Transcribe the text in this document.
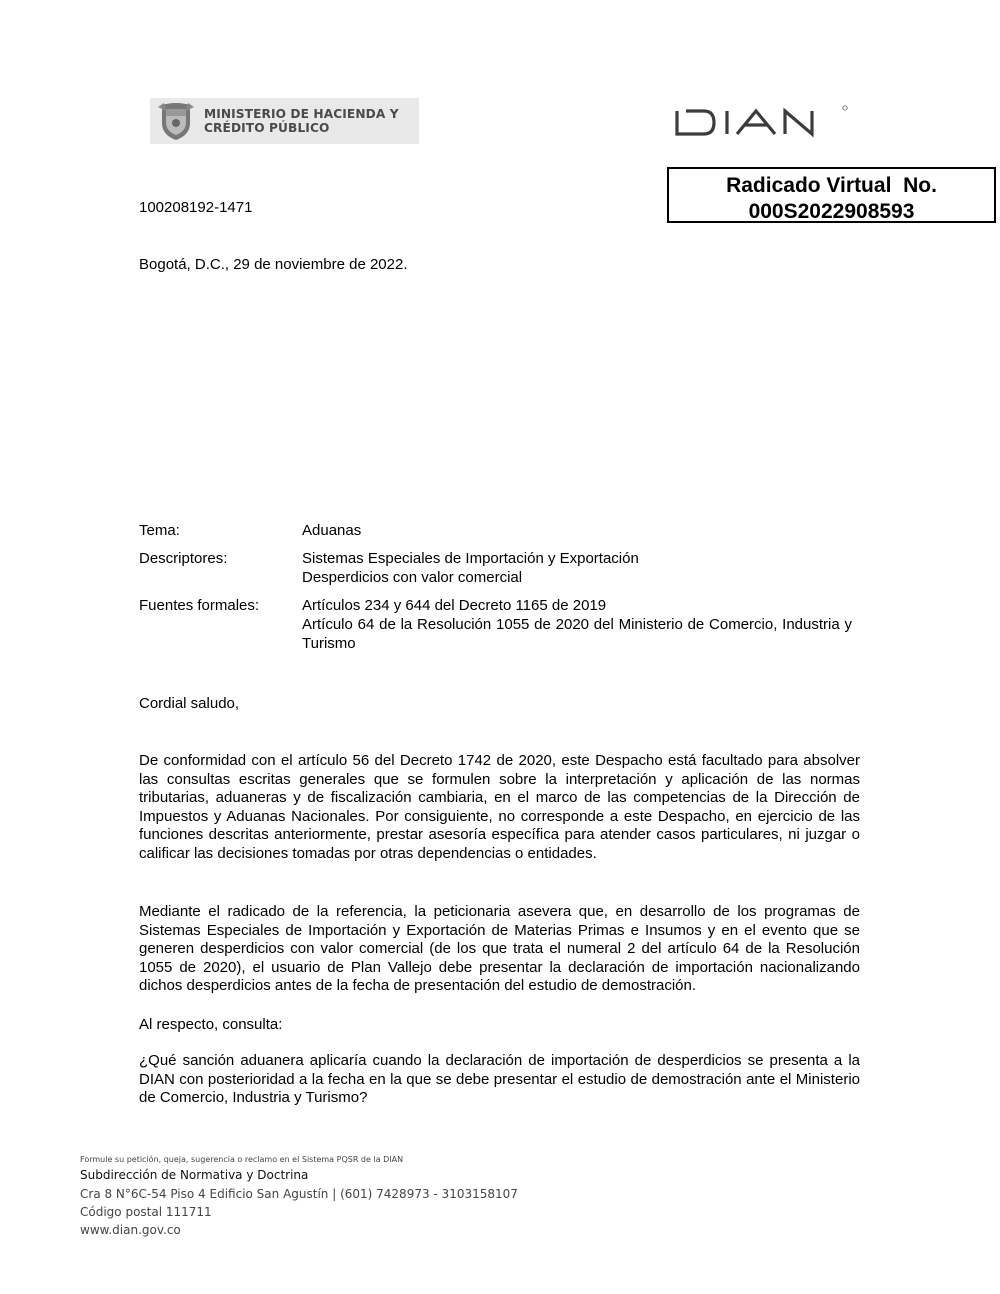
MINISTERIO DE HACIENDA Y
CRÉDITO PÚBLICO
Radicado Virtual  No.
000S2022908593
100208192-1471
Bogotá, D.C., 29 de noviembre de 2022.
Tema:	Aduanas
Descriptores:	Sistemas Especiales de Importación y Exportación
Desperdicios con valor comercial
Fuentes formales:	Artículos 234 y 644 del Decreto 1165 de 2019
Artículo 64 de la Resolución 1055 de 2020 del Ministerio de Comercio, Industria y Turismo
Cordial saludo,
De conformidad con el artículo 56 del Decreto 1742 de 2020, este Despacho está facultado para absolver las consultas escritas generales que se formulen sobre la interpretación y aplicación de las normas tributarias, aduaneras y de fiscalización cambiaria, en el marco de las competencias de la Dirección de Impuestos y Aduanas Nacionales. Por consiguiente, no corresponde a este Despacho, en ejercicio de las funciones descritas anteriormente, prestar asesoría específica para atender casos particulares, ni juzgar o calificar las decisiones tomadas por otras dependencias o entidades.
Mediante el radicado de la referencia, la peticionaria asevera que, en desarrollo de los programas de Sistemas Especiales de Importación y Exportación de Materias Primas e Insumos y en el evento que se generen desperdicios con valor comercial (de los que trata el numeral 2 del artículo 64 de la Resolución 1055 de 2020), el usuario de Plan Vallejo debe presentar la declaración de importación nacionalizando dichos desperdicios antes de la fecha de presentación del estudio de demostración.
Al respecto, consulta:
¿Qué sanción aduanera aplicaría cuando la declaración de importación de desperdicios se presenta a la DIAN con posterioridad a la fecha en la que se debe presentar el estudio de demostración ante el Ministerio de Comercio, Industria y Turismo?
Formule su petición, queja, sugerencia o reclamo en el Sistema PQSR de la DIAN
Subdirección de Normativa y Doctrina
Cra 8 N°6C-54 Piso 4 Edificio San Agustín | (601) 7428973 - 3103158107
Código postal 111711
www.dian.gov.co
